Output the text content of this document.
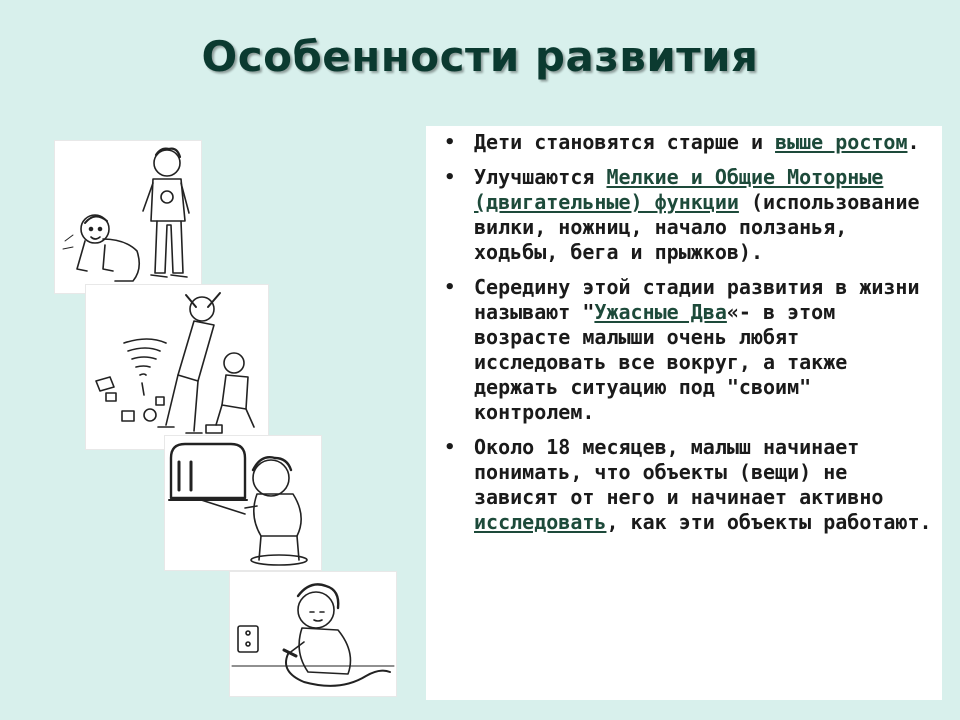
Особенности развития
• Дети становятся старше и выше ростом.
• Улучшаются Мелкие и Общие Моторные (двигательные) функции (использование вилки, ножниц, начало ползанья, ходьбы, бега и прыжков).
• Середину этой стадии развития в жизни называют "Ужасные Два«- в этом возрасте малыши очень любят исследовать все вокруг, а также держать ситуацию под "своим" контролем.
• Около 18 месяцев, малыш начинает понимать, что объекты (вещи) не зависят от него и начинает активно исследовать, как эти объекты работают.
